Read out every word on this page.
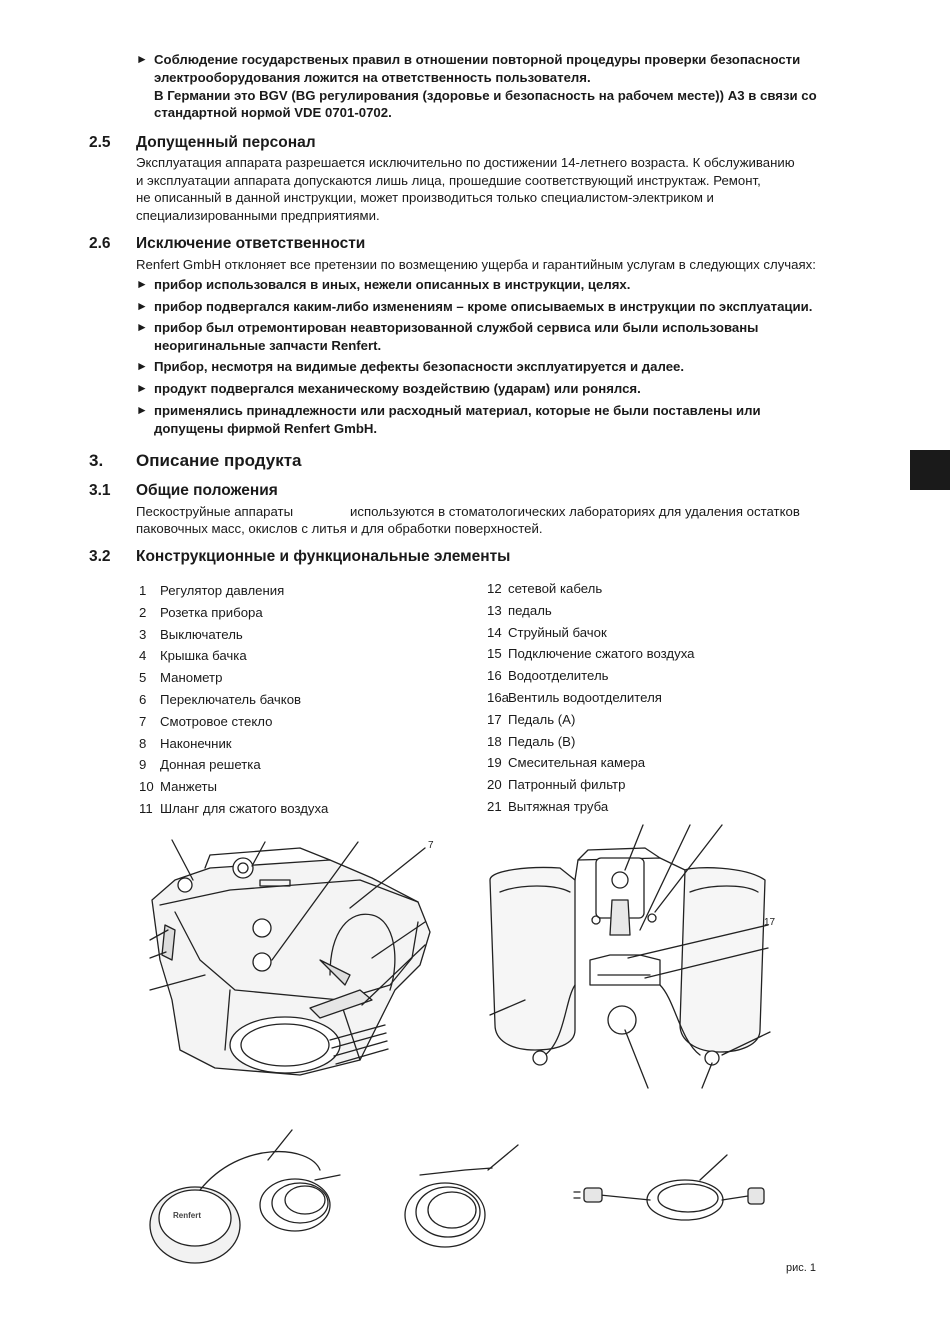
► Соблюдение государственых правил в отношении повторной процедуры проверки безопасности
электрооборудования ложится на ответственность пользователя.
В Германии это BGV (BG регулирования (здоровье и безопасность на рабочем месте)) А3 в связи со
стандартной нормой VDE 0701-0702.
2.5 Допущенный персонал
Эксплуатация аппарата разрешается исключительно по достижении 14-летнего возраста. К обслуживанию
и эксплуатации аппарата допускаются лишь лица, прошедшие соответствующий инструктаж. Ремонт,
не описанный в данной инструкции, может производиться только специалистом-электриком и
специализированными предприятиями.
2.6 Исключение ответственности
Renfert GmbH отклоняет все претензии по возмещению ущерба и гарантийным услугам в следующих случаях:
► прибор использовался в иных, нежели описанных в инструкции, целях.
► прибор подвергался каким-либо изменениям – кроме описываемых в инструкции по эксплуатации.
► прибор был отремонтирован неавторизованной службой сервиса или были использованы
неоригинальные запчасти Renfert.
► Прибор, несмотря на видимые дефекты безопасности эксплуатируется и далее.
► продукт подвергался механическому воздействию (ударам) или ронялся.
► применялись принадлежности или расходный материал, которые не были поставлены или
допущены фирмой Renfert GmbH.
3. Описание продукта
3.1 Общие положения
Пескоструйные аппараты	используются в стоматологических лабораториях для удаления остатков
паковочных масс, окислов с литья и для обработки поверхностей.
3.2 Конструкционные и функциональные элементы
1 Регулятор давления
2 Розетка прибора
3 Выключатель
4 Крышка бачка
5 Манометр
6 Переключатель бачков
7 Смотровое стекло
8 Наконечник
9 Донная решетка
10 Манжеты
11 Шланг для сжатого воздуха
12 сетевой кабель
13 педаль
14 Струйный бачок
15 Подключение сжатого воздуха
16 Водоотделитель
16а
Вентиль водоотделителя
17 Педаль (A)
18 Педаль (B)
19 Смесительная камера
20 Патронный фильтр
21 Вытяжная труба
7
17
Renfert
рис. 1
